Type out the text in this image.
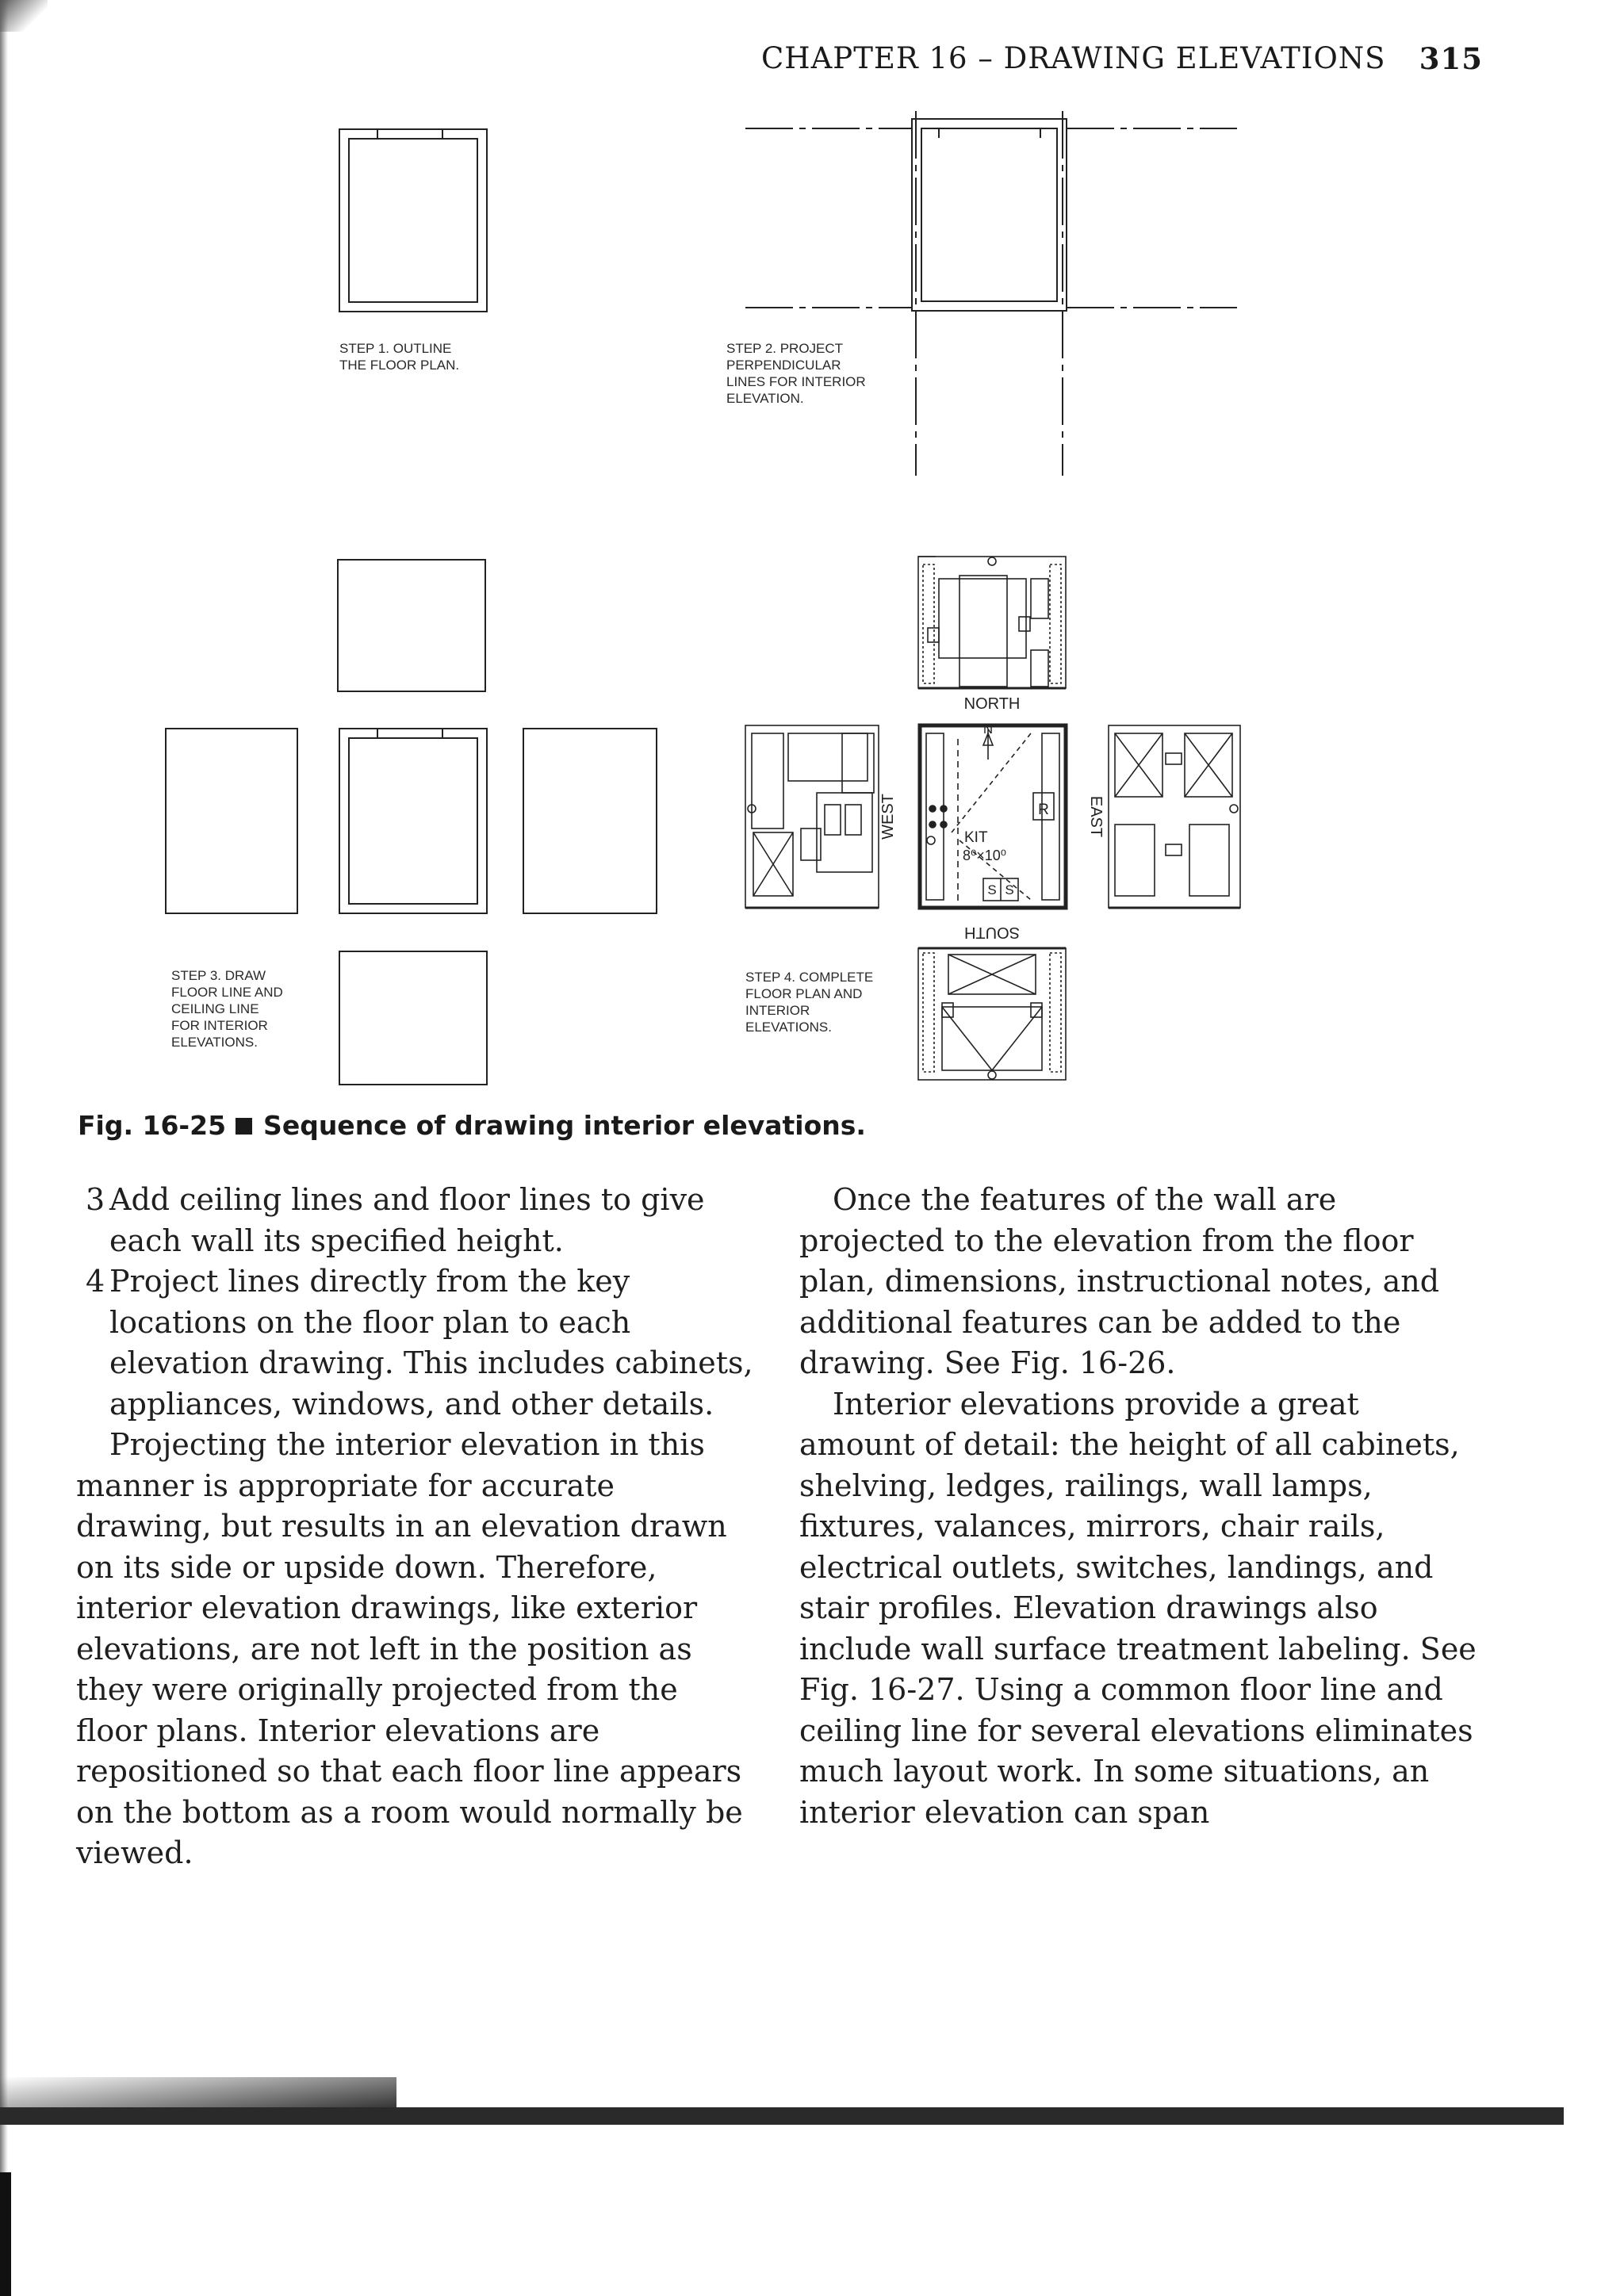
CHAPTER 16 – DRAWING ELEVATIONS 315
NORTH
SOUTH
WEST	EAST
N
R
KIT
8⁰×10⁰
S S
STEP 1. OUTLINE
THE FLOOR PLAN.
STEP 2. PROJECT
PERPENDICULAR
LINES FOR INTERIOR
ELEVATION.
STEP 3. DRAW
FLOOR LINE AND
CEILING LINE
FOR INTERIOR
ELEVATIONS.
STEP 4. COMPLETE
FLOOR PLAN AND
INTERIOR
ELEVATIONS.
Fig. 16-25 Sequence of drawing interior elevations.
3 Add ceiling lines and floor lines to give each wall its specified height.
4 Project lines directly from the key locations on the floor plan to each elevation drawing. This includes cabinets, appliances, windows, and other details.

Projecting the interior elevation in this manner is appropriate for accurate drawing, but results in an elevation drawn on its side or upside down. Therefore, interior elevation drawings, like exterior elevations, are not left in the position as they were originally projected from the floor plans. Interior elevations are repositioned so that each floor line appears on the bottom as a room would normally be viewed.

Once the features of the wall are projected to the elevation from the floor plan, dimensions, instructional notes, and additional features can be added to the drawing. See Fig. 16-26.

Interior elevations provide a great amount of detail: the height of all cabinets, shelving, ledges, railings, wall lamps, fixtures, valances, mirrors, chair rails, electrical outlets, switches, landings, and stair profiles. Elevation drawings also include wall surface treatment labeling. See Fig. 16-27. Using a common floor line and ceiling line for several elevations eliminates much layout work. In some situations, an interior elevation can span
